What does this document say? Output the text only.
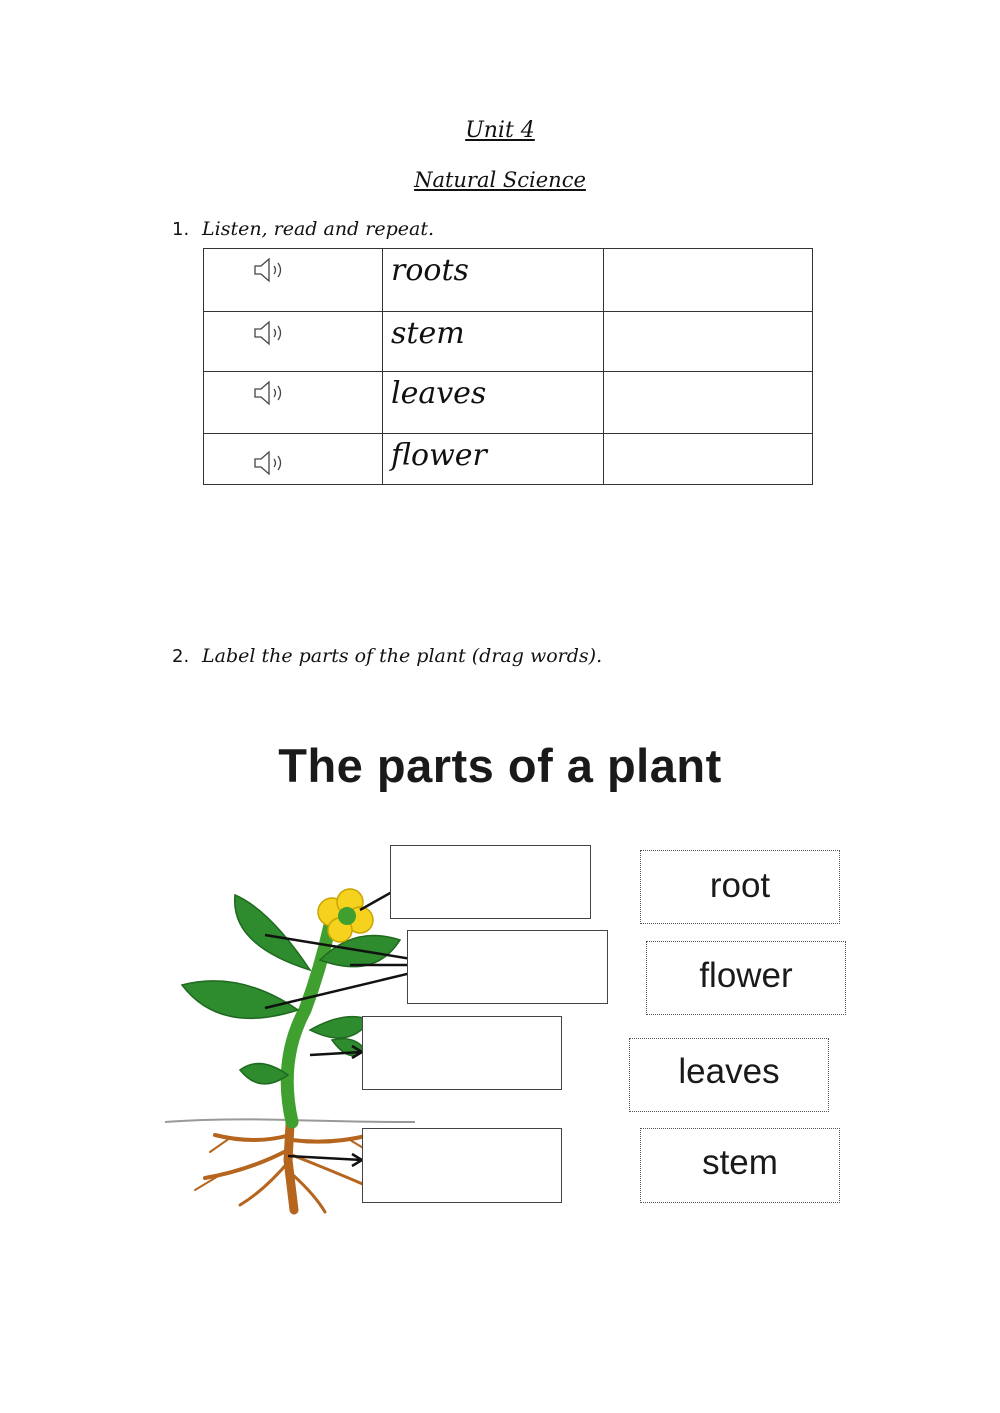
Unit 4
Natural Science
1. Listen, read and repeat.

roots	

stem	

leaves	

flower	

2. Label the parts of the plant (drag words).
The parts of a plant
root
flower
leaves
stem
